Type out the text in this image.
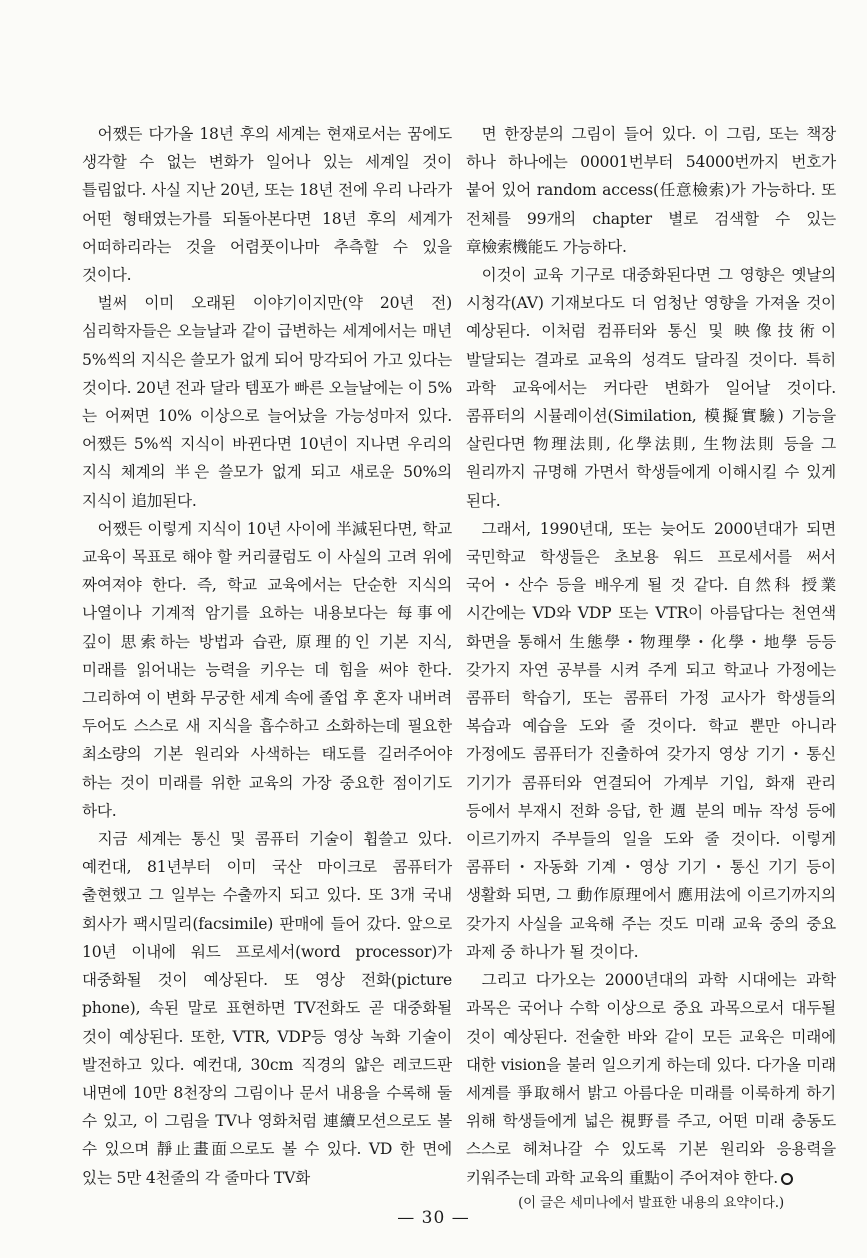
어쨌든 다가올 18년 후의 세계는 현재로서는 꿈에도 생각할 수 없는 변화가 일어나 있는 세계일 것이 틀림없다. 사실 지난 20년, 또는 18년 전에 우리 나라가 어떤 형태였는가를 되돌아본다면 18년 후의 세계가 어떠하리라는 것을 어렴풋이나마 추측할 수 있을 것이다.

벌써 이미 오래된 이야기이지만(약 20년 전) 심리학자들은 오늘날과 같이 급변하는 세계에서는 매년 5%씩의 지식은 쓸모가 없게 되어 망각되어 가고 있다는 것이다. 20년 전과 달라 템포가 빠른 오늘날에는 이 5%는 어쩌면 10% 이상으로 늘어났을 가능성마저 있다. 어쨌든 5%씩 지식이 바뀐다면 10년이 지나면 우리의 지식 체계의 半은 쓸모가 없게 되고 새로운 50%의 지식이 追加된다.

어쨌든 이렇게 지식이 10년 사이에 半減된다면, 학교 교육이 목표로 해야 할 커리큘럼도 이 사실의 고려 위에 짜여져야 한다. 즉, 학교 교육에서는 단순한 지식의 나열이나 기계적 암기를 요하는 내용보다는 每事에 깊이 思索하는 방법과 습관, 原理的인 기본 지식, 미래를 읽어내는 능력을 키우는 데 힘을 써야 한다. 그리하여 이 변화 무궁한 세계 속에 졸업 후 혼자 내버려 두어도 스스로 새 지식을 흡수하고 소화하는데 필요한 최소량의 기본 원리와 사색하는 태도를 길러주어야 하는 것이 미래를 위한 교육의 가장 중요한 점이기도 하다.

지금 세계는 통신 및 콤퓨터 기술이 휩쓸고 있다. 예컨대, 81년부터 이미 국산 마이크로 콤퓨터가 출현했고 그 일부는 수출까지 되고 있다. 또 3개 국내 회사가 팩시밀리(facsimile) 판매에 들어 갔다. 앞으로 10년 이내에 워드 프로세서(word processor)가 대중화될 것이 예상된다. 또 영상 전화(picture phone), 속된 말로 표현하면 TV전화도 곧 대중화될 것이 예상된다. 또한, VTR, VDP등 영상 녹화 기술이 발전하고 있다. 예컨대, 30cm 직경의 얇은 레코드판 내면에 10만 8천장의 그림이나 문서 내용을 수록해 둘 수 있고, 이 그림을 TV나 영화처럼 連續모션으로도 볼 수 있으며 靜止畫面으로도 볼 수 있다. VD 한 면에 있는 5만 4천줄의 각 줄마다 TV화

면 한장분의 그림이 들어 있다. 이 그림, 또는 책장 하나 하나에는 00001번부터 54000번까지 번호가 붙어 있어 random access(任意檢索)가 가능하다. 또 전체를 99개의 chapter 별로 검색할 수 있는 章檢索機能도 가능하다.

이것이 교육 기구로 대중화된다면 그 영향은 옛날의 시청각(AV) 기재보다도 더 엄청난 영향을 가져올 것이 예상된다. 이처럼 컴퓨터와 통신 및 映像技術이 발달되는 결과로 교육의 성격도 달라질 것이다. 특히 과학 교육에서는 커다란 변화가 일어날 것이다. 콤퓨터의 시뮬레이션(Similation, 模擬實驗) 기능을 살린다면 物理法則, 化學法則, 生物法則 등을 그 원리까지 규명해 가면서 학생들에게 이해시킬 수 있게 된다.

그래서, 1990년대, 또는 늦어도 2000년대가 되면 국민학교 학생들은 초보용 워드 프로세서를 써서 국어・산수 등을 배우게 될 것 같다. 自然科 授業 시간에는 VD와 VDP 또는 VTR이 아름답다는 천연색 화면을 통해서 生態學・物理學・化學・地學 등등 갖가지 자연 공부를 시켜 주게 되고 학교나 가정에는 콤퓨터 학습기, 또는 콤퓨터 가정 교사가 학생들의 복습과 예습을 도와 줄 것이다. 학교 뿐만 아니라 가정에도 콤퓨터가 진출하여 갖가지 영상 기기・통신 기기가 콤퓨터와 연결되어 가계부 기입, 화재 관리 등에서 부재시 전화 응답, 한 週 분의 메뉴 작성 등에 이르기까지 주부들의 일을 도와 줄 것이다. 이렇게 콤퓨터・자동화 기계・영상 기기・통신 기기 등이 생활화 되면, 그 動作原理에서 應用法에 이르기까지의 갖가지 사실을 교육해 주는 것도 미래 교육 중의 중요 과제 중 하나가 될 것이다.

그리고 다가오는 2000년대의 과학 시대에는 과학 과목은 국어나 수학 이상으로 중요 과목으로서 대두될 것이 예상된다. 전술한 바와 같이 모든 교육은 미래에 대한 vision을 불러 일으키게 하는데 있다. 다가올 미래 세계를 爭取해서 밝고 아름다운 미래를 이룩하게 하기 위해 학생들에게 넓은 視野를 주고, 어떤 미래 충동도 스스로 헤쳐나갈 수 있도록 기본 원리와 응용력을 키워주는데 과학 교육의 重點이 주어져야 한다.

(이 글은 세미나에서 발표한 내용의 요약이다.)

— 30 —
